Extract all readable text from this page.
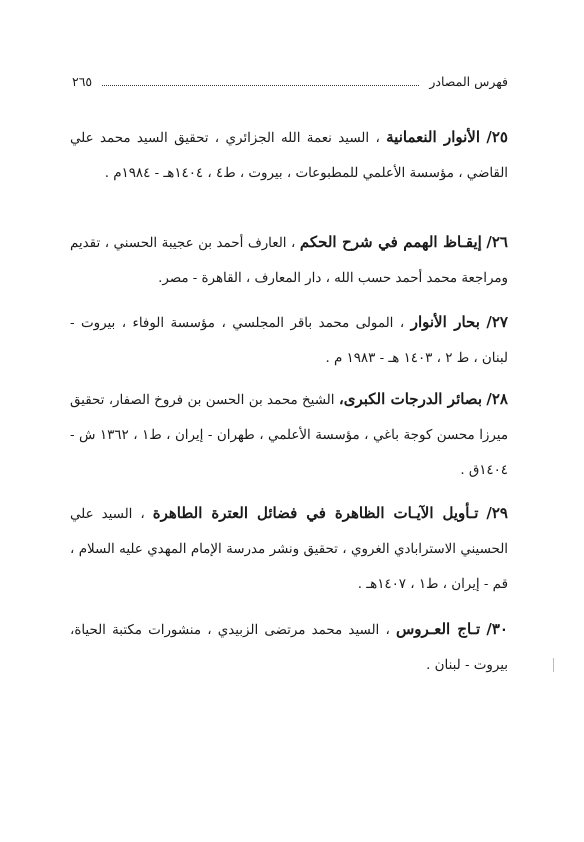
فهرس المصادر
٢٦٥
٢٥/ الأنوار النعمانية ، السيد نعمة الله الجزائري ، تحقيق السيد محمد علي القاضي ، مؤسسة الأعلمي للمطبوعات ، بيروت ، ط٤ ، ١٤٠٤هـ - ١٩٨٤م .
٢٦/ إيقـاظ الهمم في شرح الحكم ، العارف أحمد بن عجيبة الحسني ، تقديم ومراجعة محمد أحمد حسب الله ، دار المعارف ، القاهرة - مصر.
٢٧/ بحار الأنوار ، المولى محمد باقر المجلسي ، مؤسسة الوفاء ، بيروت - لبنان ، ط ٢ ، ١٤٠٣ هـ - ١٩٨٣ م .
٢٨/ بصائر الدرجات الكبرى، الشيخ محمد بن الحسن بن فروخ الصفار، تحقيق ميرزا محسن كوجة باغي ، مؤسسة الأعلمي ، طهران - إيران ، ط١ ، ١٣٦٢ ش - ١٤٠٤ق .
٢٩/ تـأويل الآيـات الظاهرة في فضائل العترة الطاهرة ، السيد علي الحسيني الاسترابادي الغروي ، تحقيق ونشر مدرسة الإمام المهدي عليه السلام ، قم - إيران ، ط١ ، ١٤٠٧هـ .
٣٠/ تـاج العـروس ، السيد محمد مرتضى الزبيدي ، منشورات مكتبة الحياة، بيروت - لبنان .
